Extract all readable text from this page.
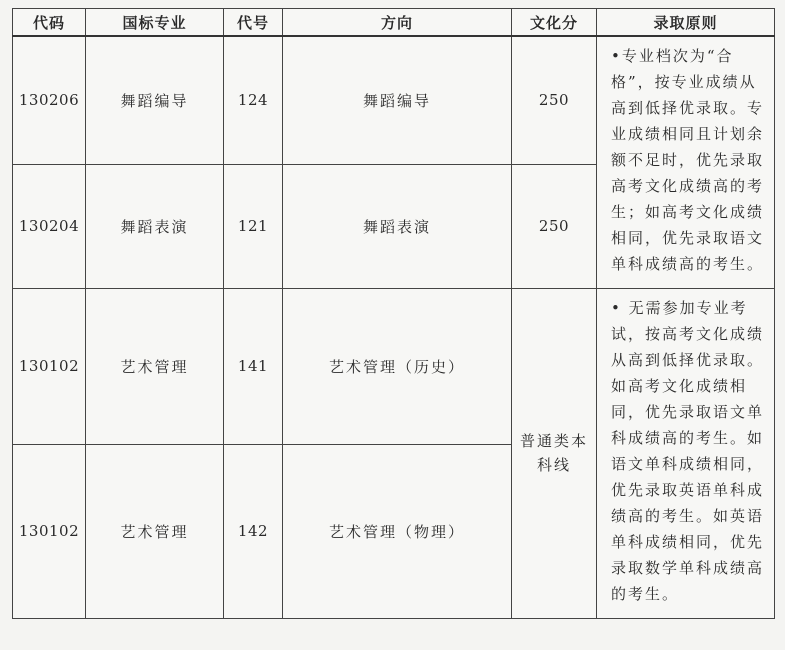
代码	国标专业	代号	方向	文化分	录取原则
130206	舞蹈编导	124	舞蹈编导	250	•专业档次为“合格”，按专业成绩从高到低择优录取。专业成绩相同且计划余额不足时，优先录取高考文化成绩高的考生；如高考文化成绩相同，优先录取语文单科成绩高的考生。
130204	舞蹈表演	121	舞蹈表演	250	
130102	艺术管理	141	艺术管理（历史）	普通类本科线	• 无需参加专业考试，按高考文化成绩从高到低择优录取。如高考文化成绩相同，优先录取语文单科成绩高的考生。如语文单科成绩相同，优先录取英语单科成绩高的考生。如英语单科成绩相同，优先录取数学单科成绩高的考生。
130102	艺术管理	142	艺术管理（物理）		
